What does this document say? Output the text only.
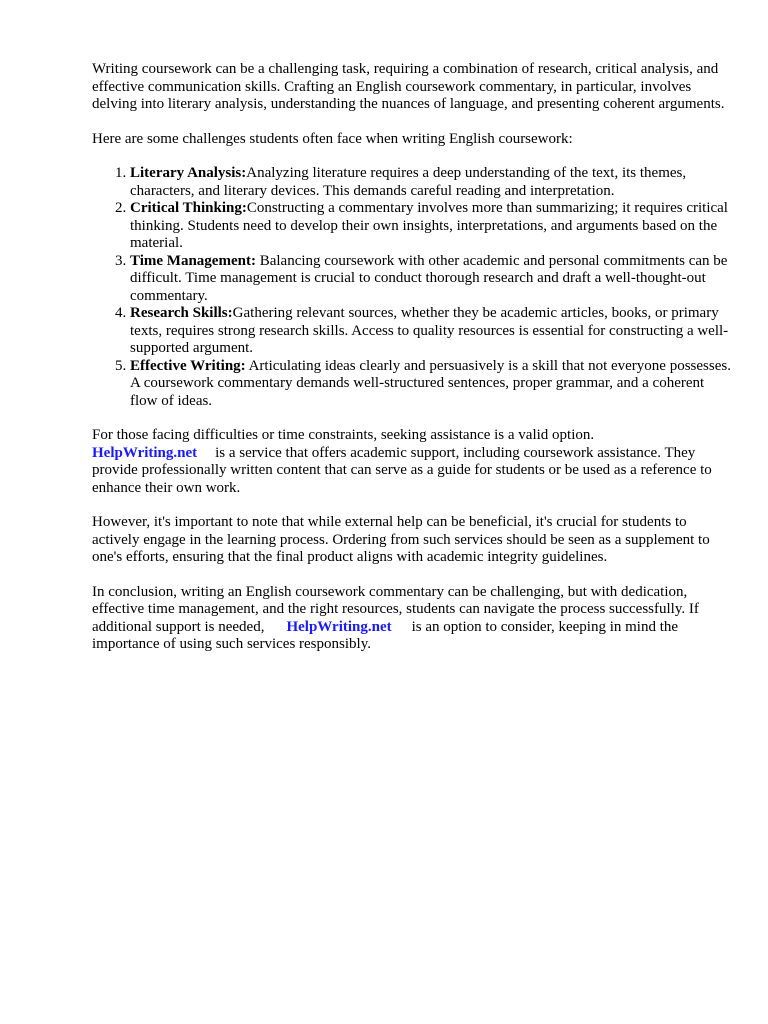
Writing coursework can be a challenging task, requiring a combination of research, critical analysis, and effective communication skills. Crafting an English coursework commentary, in particular, involves delving into literary analysis, understanding the nuances of language, and presenting coherent arguments.

Here are some challenges students often face when writing English coursework:

1. Literary Analysis:Analyzing literature requires a deep understanding of the text, its themes, characters, and literary devices. This demands careful reading and interpretation.
2. Critical Thinking:Constructing a commentary involves more than summarizing; it requires critical thinking. Students need to develop their own insights, interpretations, and arguments based on the material.
3. Time Management: Balancing coursework with other academic and personal commitments can be difficult. Time management is crucial to conduct thorough research and draft a well-thought-out commentary.
4. Research Skills:Gathering relevant sources, whether they be academic articles, books, or primary texts, requires strong research skills. Access to quality resources is essential for constructing a well-supported argument.
5. Effective Writing: Articulating ideas clearly and persuasively is a skill that not everyone possesses. A coursework commentary demands well-structured sentences, proper grammar, and a coherent flow of ideas.

For those facing difficulties or time constraints, seeking assistance is a valid option.
HelpWriting.net is a service that offers academic support, including coursework assistance. They provide professionally written content that can serve as a guide for students or be used as a reference to enhance their own work.

However, it's important to note that while external help can be beneficial, it's crucial for students to actively engage in the learning process. Ordering from such services should be seen as a supplement to one's efforts, ensuring that the final product aligns with academic integrity guidelines.

In conclusion, writing an English coursework commentary can be challenging, but with dedication, effective time management, and the right resources, students can navigate the process successfully. If additional support is needed, HelpWriting.net is an option to consider, keeping in mind the importance of using such services responsibly.
